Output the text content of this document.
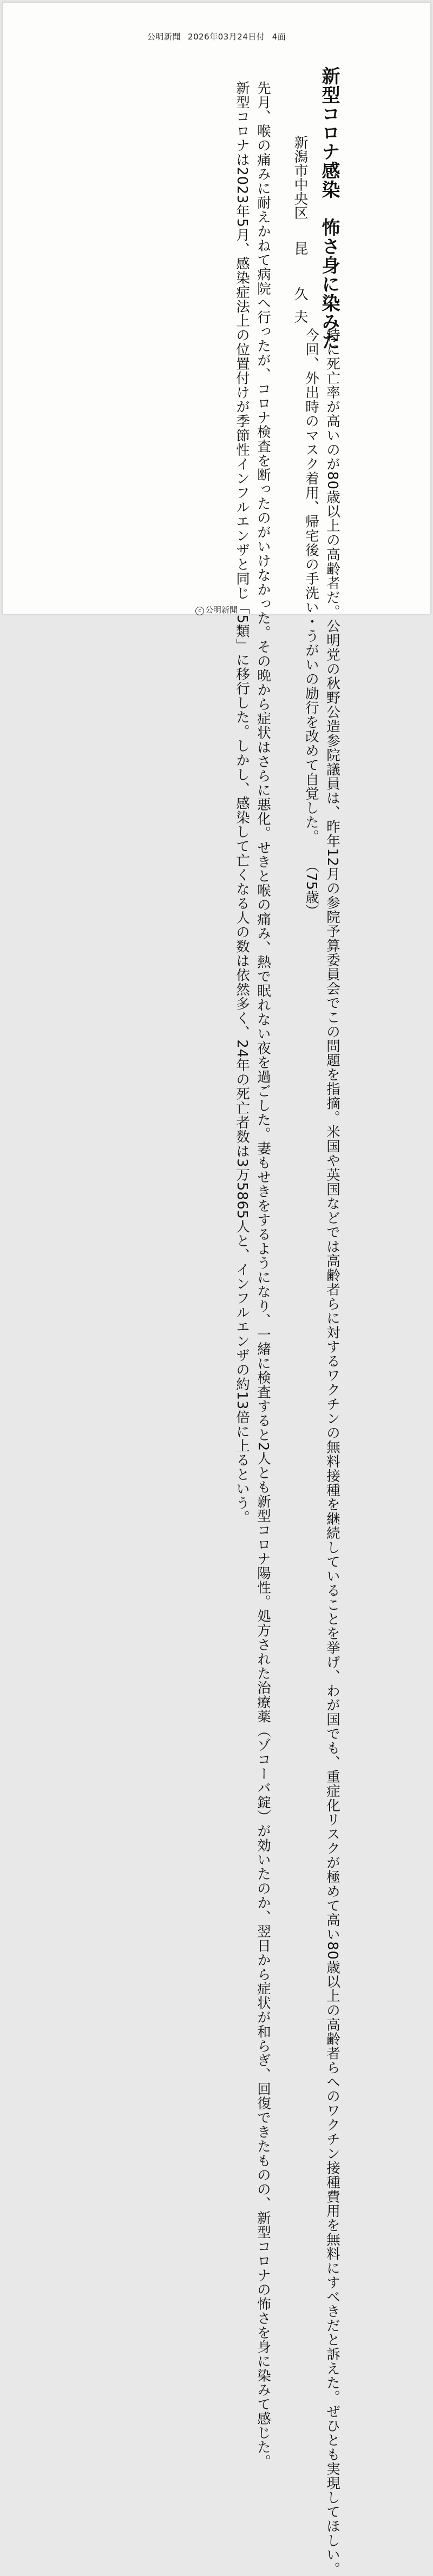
公明新聞 2026年03月24日付 4面
新型コロナ感染　怖さ身に染みた
新潟市中央区昆　久夫

　先月、喉の痛みに耐えかねて病院へ行ったが、コロナ検査を断ったのがいけなかった。その晩から症状はさらに悪化。せきと喉の痛み、熱で眠れない夜を過ごした。妻もせきをするようになり、一緒に検査すると2人とも新型コロナ陽性。処方された治療薬（ゾコーバ錠）が効いたのか、翌日から症状が和らぎ、回復できたものの、新型コロナの怖さを身に染みて感じた。

　新型コロナは2023年5月、感染症法上の位置付けが季節性インフルエンザと同じ「5類」に移行した。しかし、感染して亡くなる人の数は依然多く、24年の死亡者数は3万5865人と、インフルエンザの約13倍に上るという。

　	特に死亡率が高いのが80歳以上の高齢者だ。公明党の秋野公造参院議員は、昨年12月の参院予算委員会でこの問題を指摘。米国や英国などでは高齢者らに対するワクチンの無料接種を継続していることを挙げ、わが国でも、重症化リスクが極めて高い80歳以上の高齢者らへのワクチン接種費用を無料にすべきだと訴えた。ぜひとも実現してほしい。

　今回、外出時のマスク着用、帰宅後の手洗い・うがいの励行を改めて自覚した。　　（75歳）

c 公明新聞
